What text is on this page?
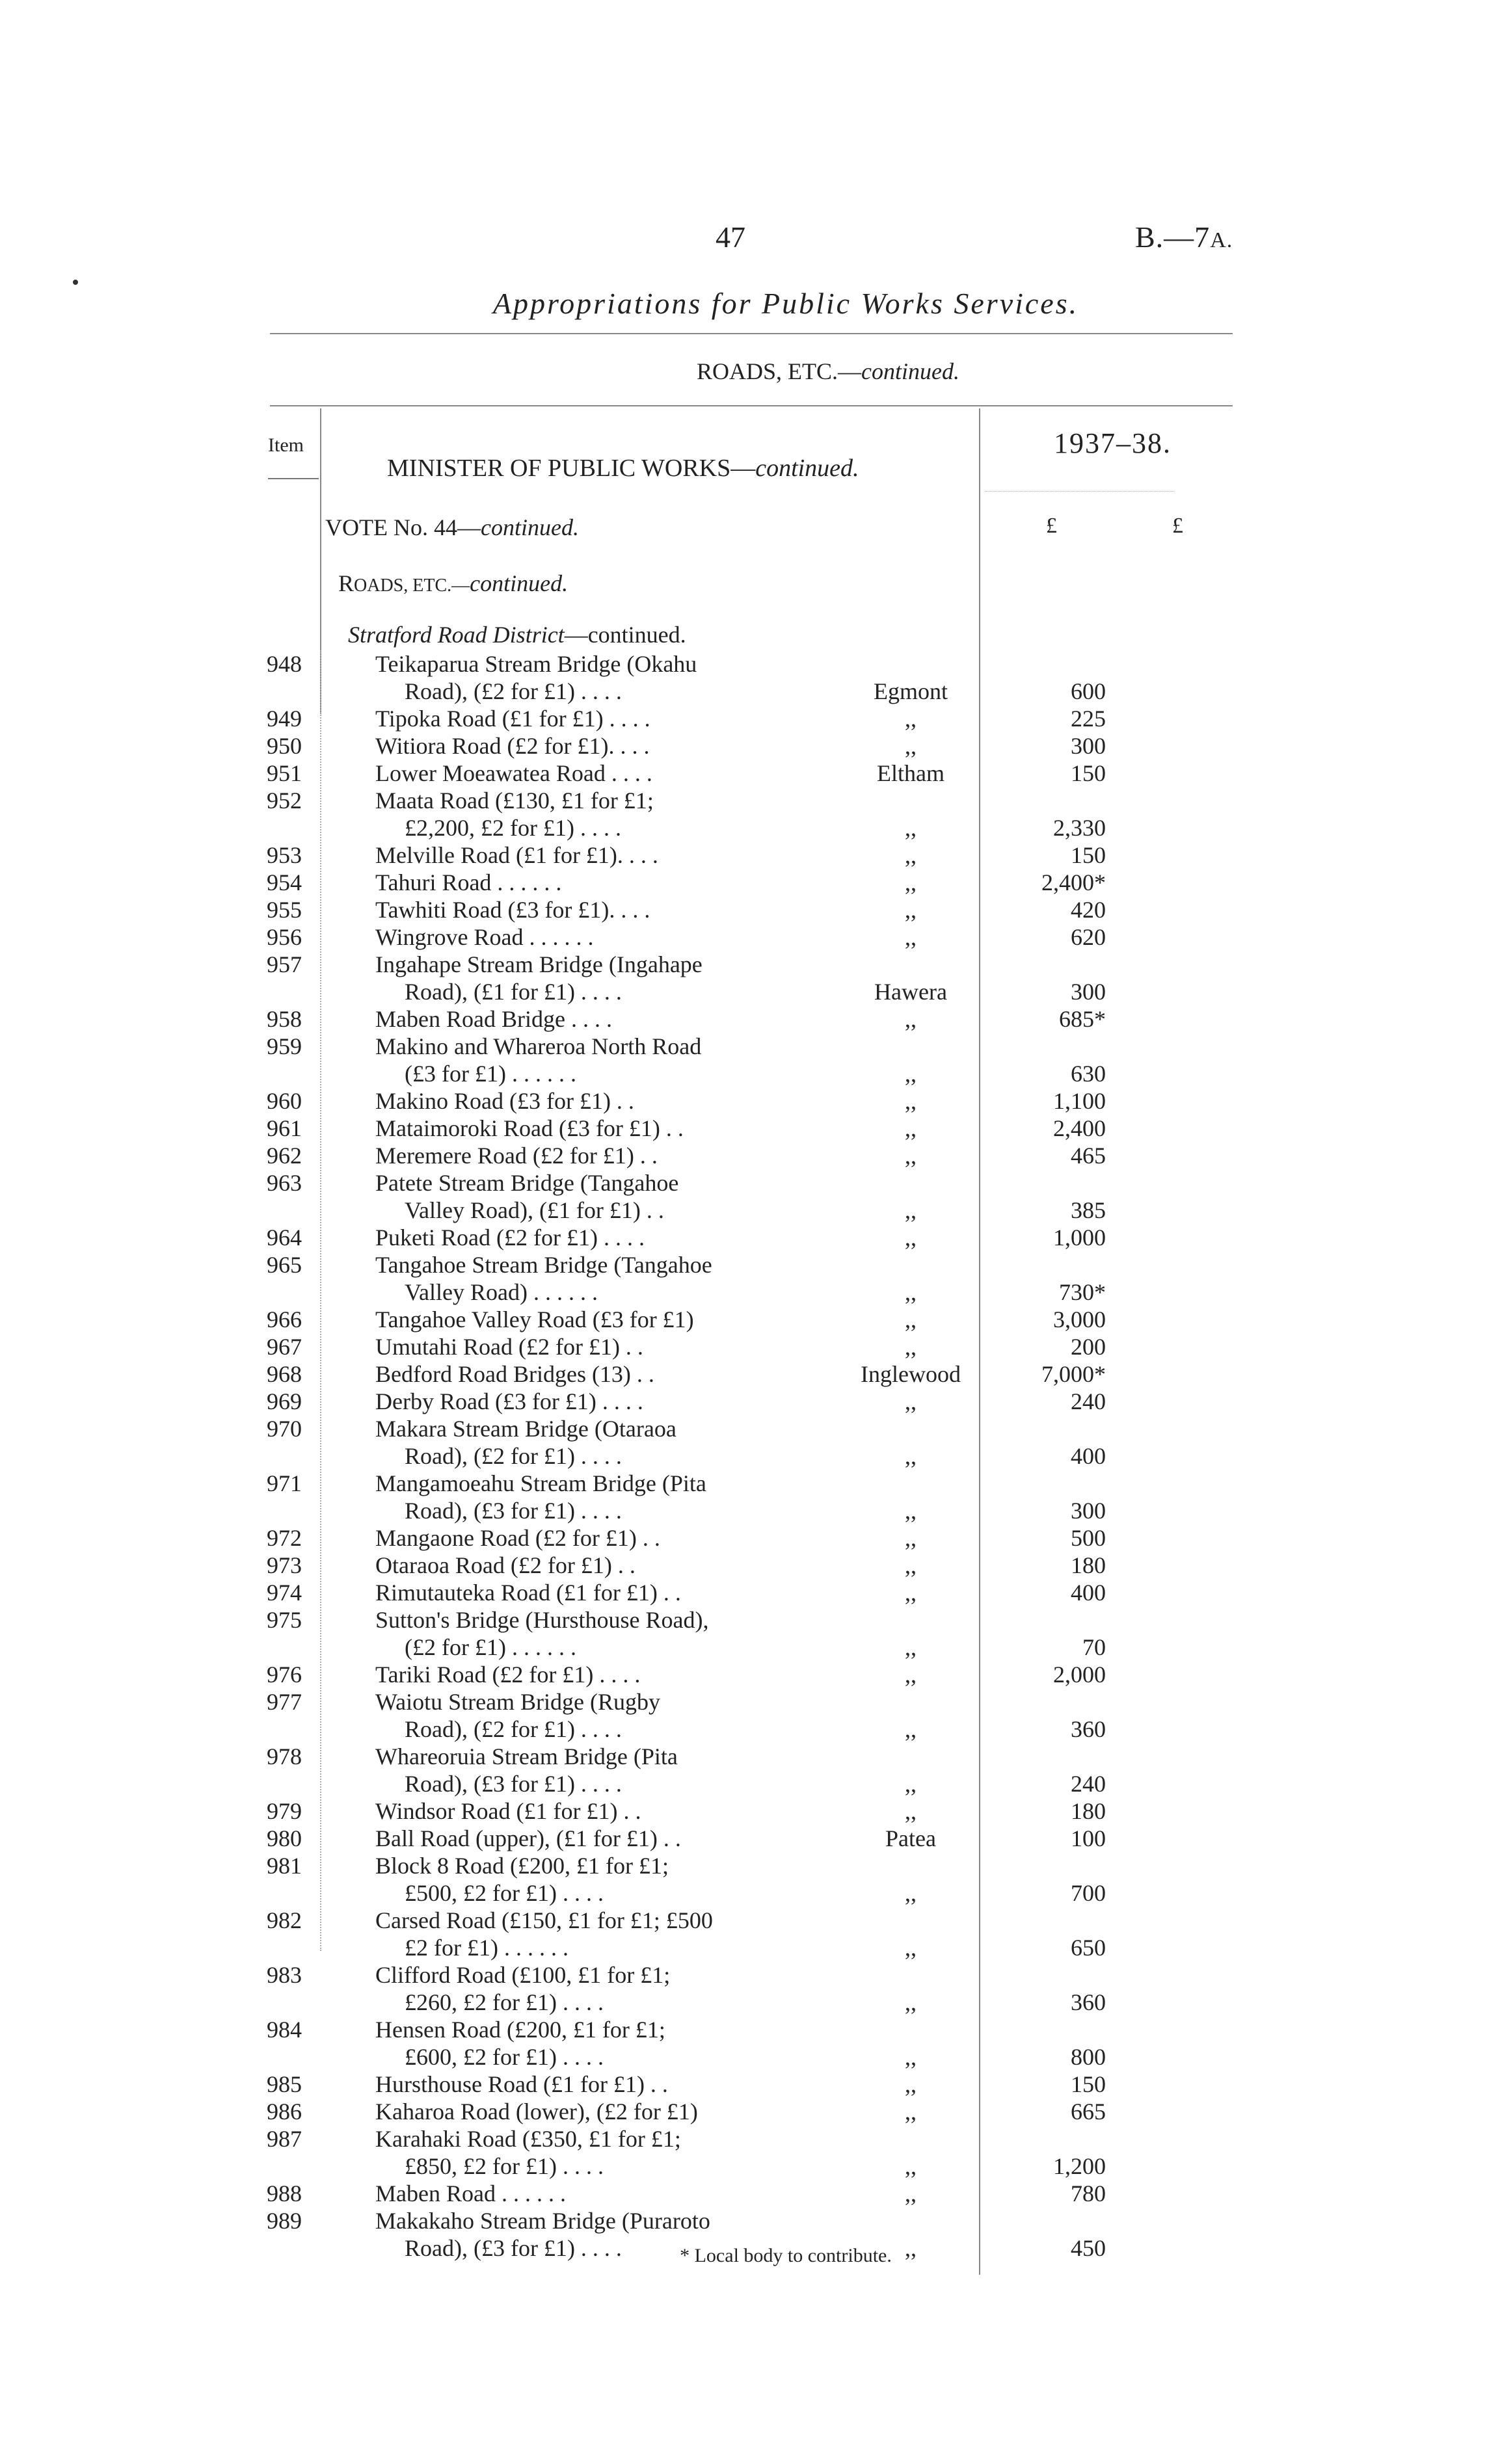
47	B.—7A.
Appropriations for Public Works Services.
ROADS, ETC.—continued.
Item	1937–38.
MINISTER OF PUBLIC WORKS—continued.
VOTE No. 44—continued.	£	£
ROADS, ETC.—continued.
Stratford Road District—continued.
948	Teikaparua Stream Bridge (Okahu
Road), (£2 for £1) . . . .	Egmont	600
949	Tipoka Road (£1 for £1) . . . .	,,	225
950	Witiora Road (£2 for £1). . . .	,,	300
951	Lower Moeawatea Road . . . .	Eltham	150
952	Maata Road (£130, £1 for £1;
£2,200, £2 for £1) . . . .	,,	2,330
953	Melville Road (£1 for £1). . . .	,,	150
954	Tahuri Road . . . . . .	,,	2,400*
955	Tawhiti Road (£3 for £1). . . .	,,	420
956	Wingrove Road . . . . . .	,,	620
957	Ingahape Stream Bridge (Ingahape
Road), (£1 for £1) . . . .	Hawera	300
958	Maben Road Bridge . . . .	,,	685*
959	Makino and Whareroa North Road
(£3 for £1) . . . . . .	,,	630
960	Makino Road (£3 for £1) . .	,,	1,100
961	Mataimoroki Road (£3 for £1) . .	,,	2,400
962	Meremere Road (£2 for £1) . .	,,	465
963	Patete Stream Bridge (Tangahoe
Valley Road), (£1 for £1) . .	,,	385
964	Puketi Road (£2 for £1) . . . .	,,	1,000
965	Tangahoe Stream Bridge (Tangahoe
Valley Road) . . . . . .	,,	730*
966	Tangahoe Valley Road (£3 for £1)	,,	3,000
967	Umutahi Road (£2 for £1) . .	,,	200
968	Bedford Road Bridges (13) . .	Inglewood	7,000*
969	Derby Road (£3 for £1) . . . .	,,	240
970	Makara Stream Bridge (Otaraoa
Road), (£2 for £1) . . . .	,,	400
971	Mangamoeahu Stream Bridge (Pita
Road), (£3 for £1) . . . .	,,	300
972	Mangaone Road (£2 for £1) . .	,,	500
973	Otaraoa Road (£2 for £1) . .	,,	180
974	Rimutauteka Road (£1 for £1) . .	,,	400
975	Sutton's Bridge (Hursthouse Road),
(£2 for £1) . . . . . .	,,	70
976	Tariki Road (£2 for £1) . . . .	,,	2,000
977	Waiotu Stream Bridge (Rugby
Road), (£2 for £1) . . . .	,,	360
978	Whareoruia Stream Bridge (Pita
Road), (£3 for £1) . . . .	,,	240
979	Windsor Road (£1 for £1) . .	,,	180
980	Ball Road (upper), (£1 for £1) . .	Patea	100
981	Block 8 Road (£200, £1 for £1;
£500, £2 for £1) . . . .	,,	700
982	Carsed Road (£150, £1 for £1; £500
£2 for £1) . . . . . .	,,	650
983	Clifford Road (£100, £1 for £1;
£260, £2 for £1) . . . .	,,	360
984	Hensen Road (£200, £1 for £1;
£600, £2 for £1) . . . .	,,	800
985	Hursthouse Road (£1 for £1) . .	,,	150
986	Kaharoa Road (lower), (£2 for £1)	,,	665
987	Karahaki Road (£350, £1 for £1;
£850, £2 for £1) . . . .	,,	1,200
988	Maben Road . . . . . .	,,	780
989	Makakaho Stream Bridge (Puraroto
Road), (£3 for £1) . . . .	,,	450
* Local body to contribute.
